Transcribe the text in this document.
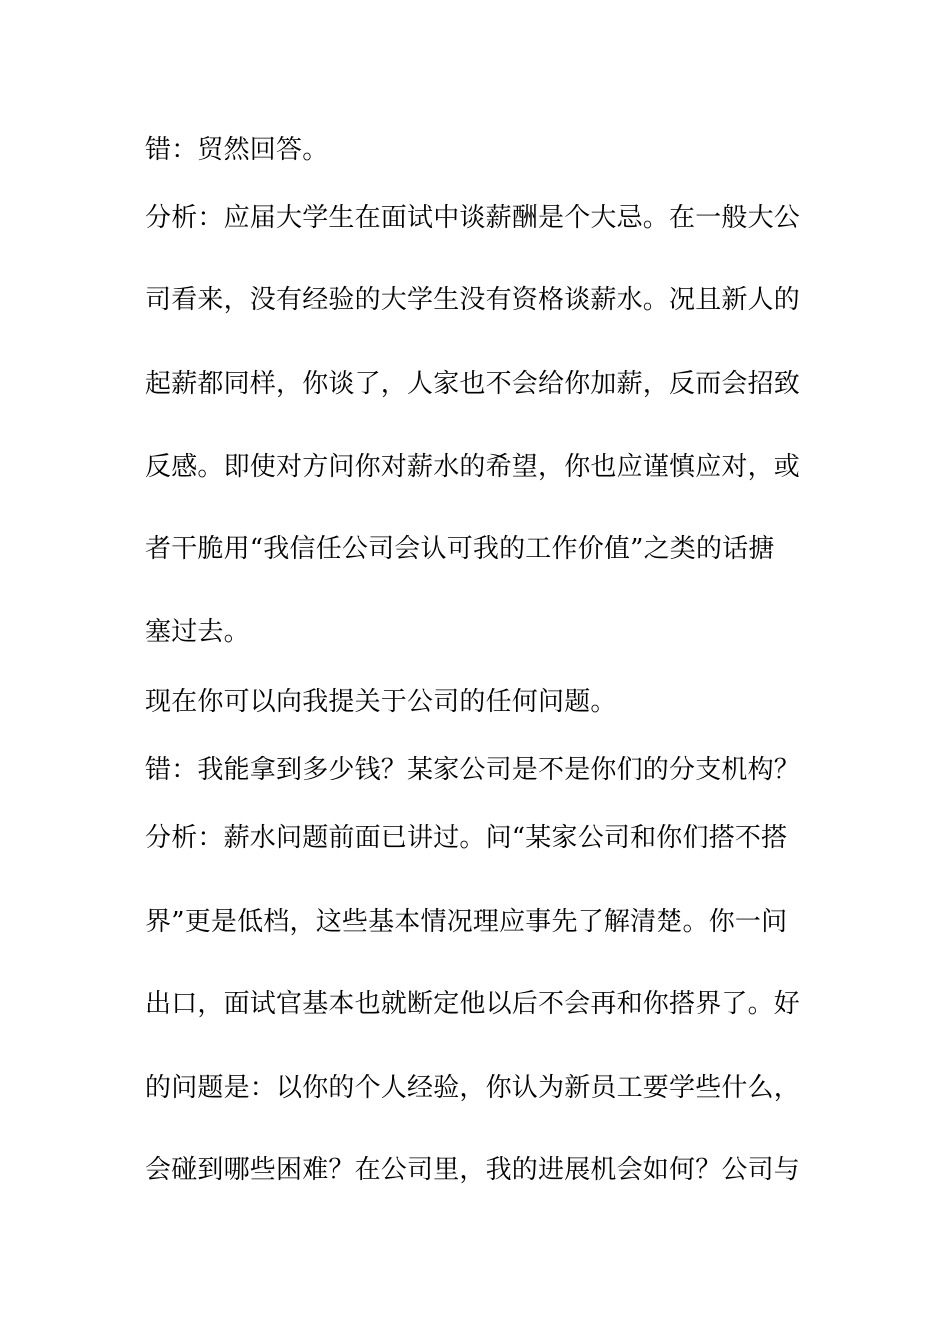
错：贸然回答。
分析：应届大学生在面试中谈薪酬是个大忌。在一般大公
司看来，没有经验的大学生没有资格谈薪水。况且新人的
起薪都同样，你谈了，人家也不会给你加薪，反而会招致
反感。即使对方问你对薪水的希望，你也应谨慎应对，或
者干脆用“我信任公司会认可我的工作价值”之类的话搪
塞过去。
现在你可以向我提关于公司的任何问题。
错：我能拿到多少钱？某家公司是不是你们的分支机构？
分析：薪水问题前面已讲过。问“某家公司和你们搭不搭
界”更是低档，这些基本情况理应事先了解清楚。你一问
出口，面试官基本也就断定他以后不会再和你搭界了。好
的问题是：以你的个人经验，你认为新员工要学些什么，
会碰到哪些困难？在公司里，我的进展机会如何？公司与
